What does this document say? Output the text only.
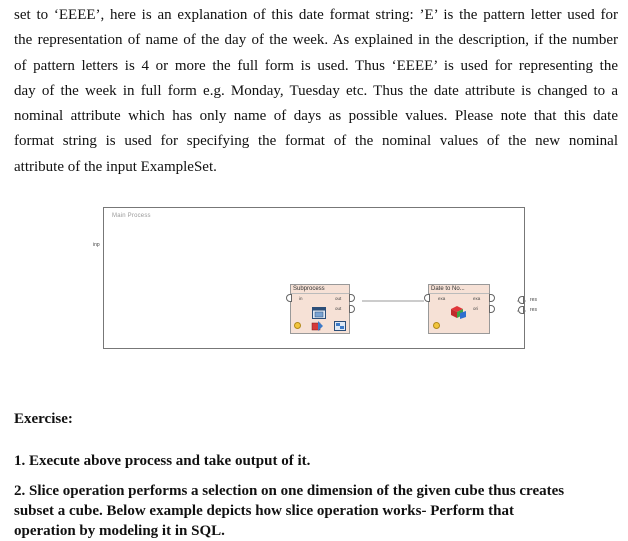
set to ‘EEEE’, here is an explanation of this date format string: ’E’ is the pattern letter used for
the representation of name of the day of the week. As explained in the description, if the number
of pattern letters is 4 or more the full form is used. Thus ‘EEEE’ is used for representing the
day of the week in full form e.g. Monday, Tuesday etc. Thus the date attribute is changed to a
nominal attribute which has only name of days as possible values. Please note that this date
format string is used for specifying the format of the nominal values of the new nominal
attribute of the input ExampleSet.
inp
Main Process
Subprocess
in	out
out
Date to No...
exa	exa
ori
res
res
Exercise:
1. Execute above process and take output of it.
2. Slice operation performs a selection on one dimension of the given cube thus creates
subset a cube. Below example depicts how slice operation works- Perform that
operation by modeling it in SQL.
